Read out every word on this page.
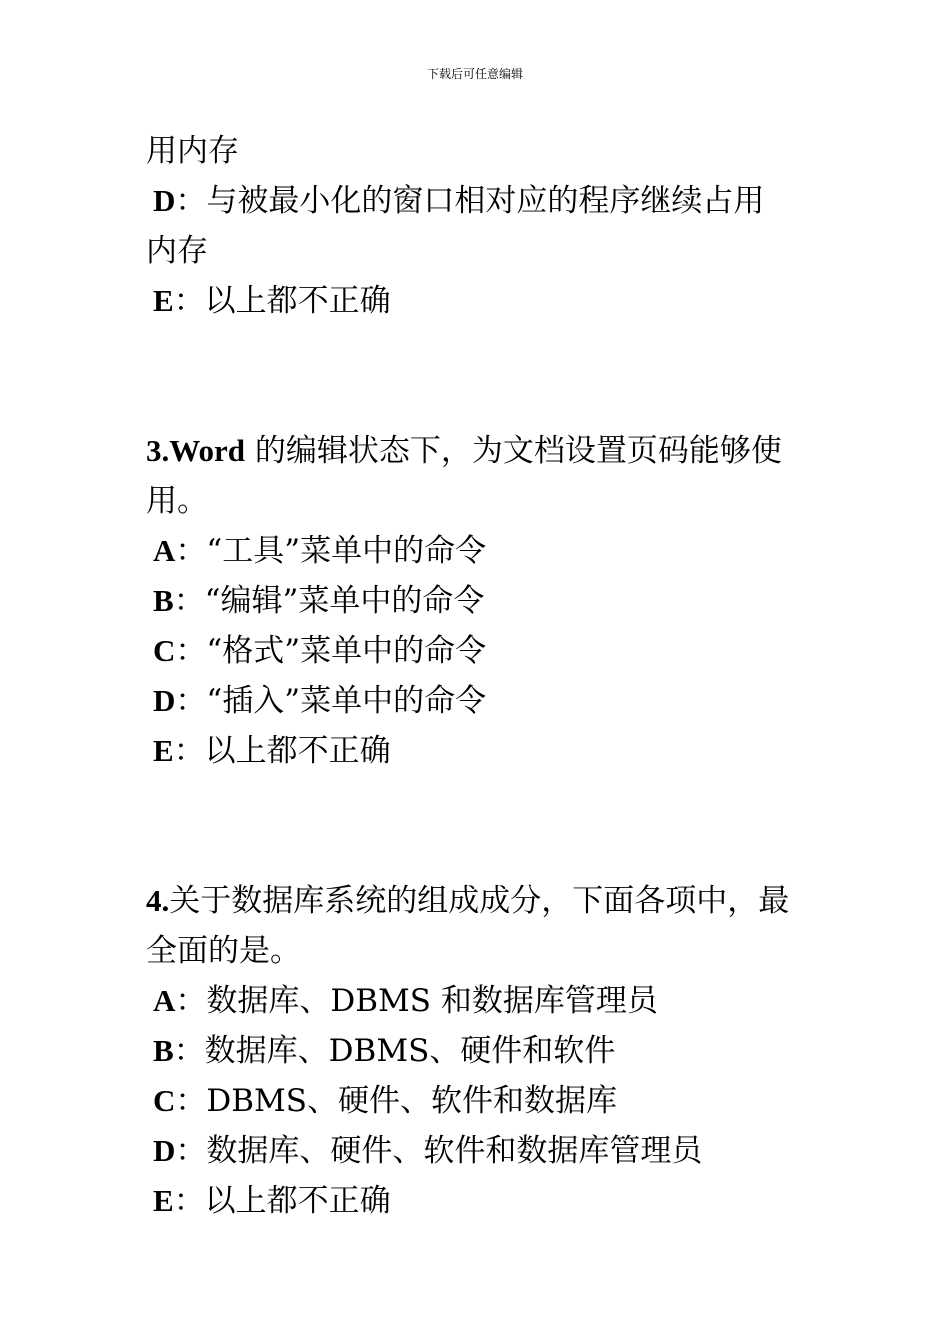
下载后可任意编辑
用内存
D：与被最小化的窗口相对应的程序继续占用
内存
E：以上都不正确
3.Word 的编辑状态下，为文档设置页码能够使
用。
A：“工具”菜单中的命令
B：“编辑”菜单中的命令
C：“格式”菜单中的命令
D：“插入”菜单中的命令
E：以上都不正确
4.关于数据库系统的组成成分，下面各项中，最
全面的是。
A：数据库、DBMS 和数据库管理员
B：数据库、DBMS、硬件和软件
C：DBMS、硬件、软件和数据库
D：数据库、硬件、软件和数据库管理员
E：以上都不正确
